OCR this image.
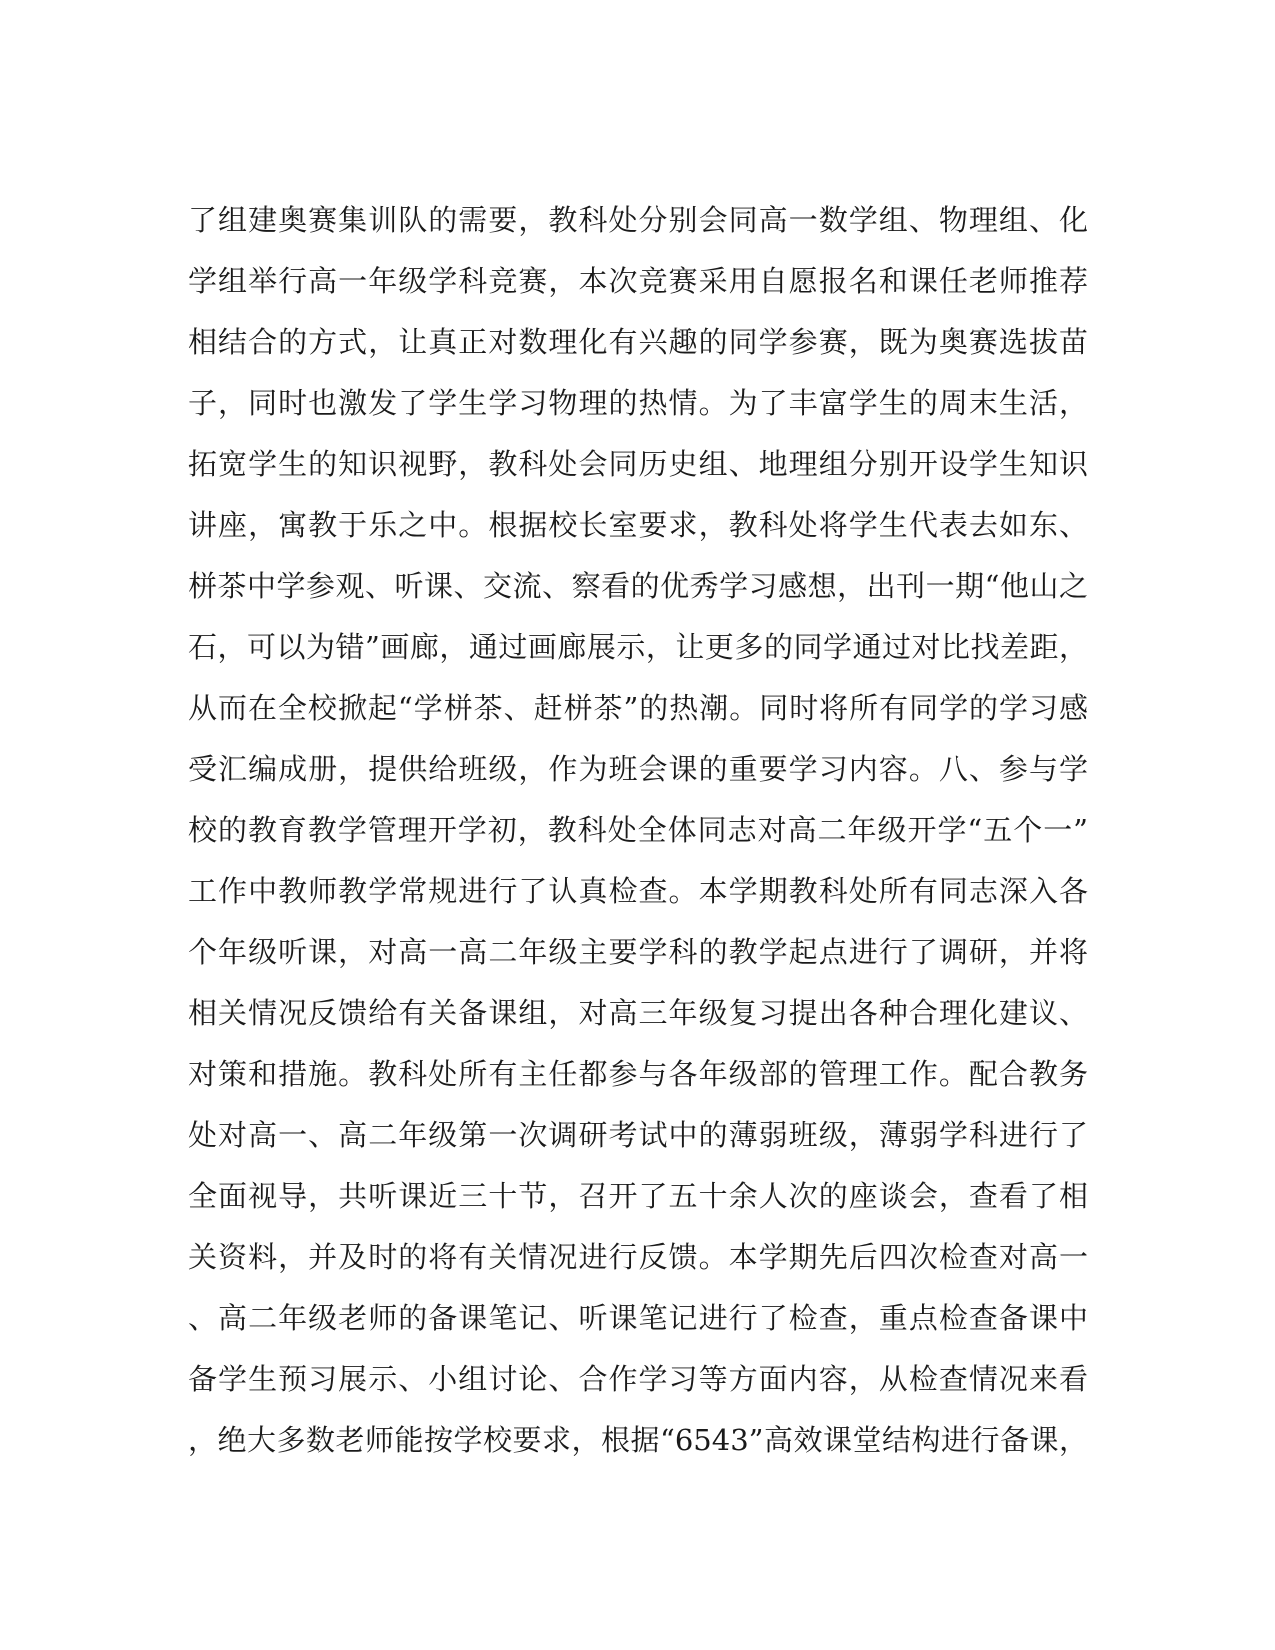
了组建奥赛集训队的需要，教科处分别会同高一数学组、物理组、化
学组举行高一年级学科竞赛，本次竞赛采用自愿报名和课任老师推荐
相结合的方式，让真正对数理化有兴趣的同学参赛，既为奥赛选拔苗
子，同时也激发了学生学习物理的热情。为了丰富学生的周末生活，
拓宽学生的知识视野，教科处会同历史组、地理组分别开设学生知识
讲座，寓教于乐之中。根据校长室要求，教科处将学生代表去如东、
栟茶中学参观、听课、交流、察看的优秀学习感想，出刊一期“他山之
石，可以为错”画廊，通过画廊展示，让更多的同学通过对比找差距，
从而在全校掀起“学栟茶、赶栟茶”的热潮。同时将所有同学的学习感
受汇编成册，提供给班级，作为班会课的重要学习内容。八、参与学
校的教育教学管理开学初，教科处全体同志对高二年级开学“五个一”
工作中教师教学常规进行了认真检查。本学期教科处所有同志深入各
个年级听课，对高一高二年级主要学科的教学起点进行了调研，并将
相关情况反馈给有关备课组，对高三年级复习提出各种合理化建议、
对策和措施。教科处所有主任都参与各年级部的管理工作。配合教务
处对高一、高二年级第一次调研考试中的薄弱班级，薄弱学科进行了
全面视导，共听课近三十节，召开了五十余人次的座谈会，查看了相
关资料，并及时的将有关情况进行反馈。本学期先后四次检查对高一
、高二年级老师的备课笔记、听课笔记进行了检查，重点检查备课中
备学生预习展示、小组讨论、合作学习等方面内容，从检查情况来看
，绝大多数老师能按学校要求，根据“6543”高效课堂结构进行备课，
